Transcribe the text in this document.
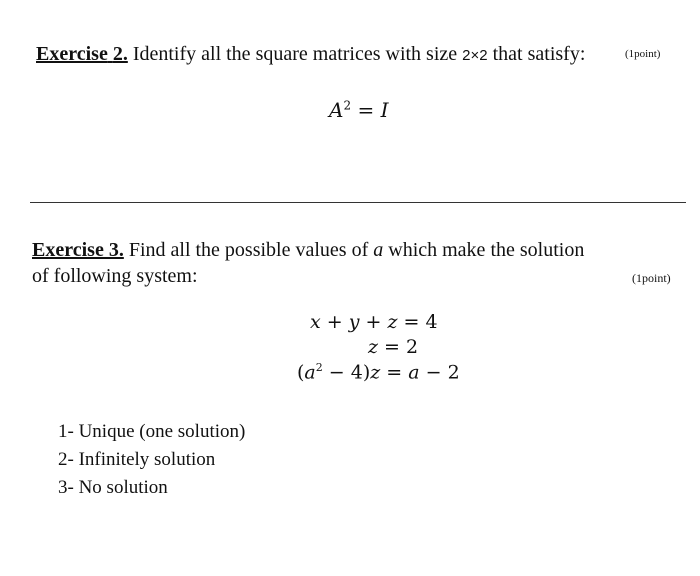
Exercise 2. Identify all the square matrices with size 2×2 that satisfy:	(1point)
$A^2 = I$
Exercise 3. Find all the possible values of a which make the solution
of following system:	(1point)
x + y + z = 4
z = 2
$(a^2 - 4)z = a - 2$
1- Unique (one solution)
2- Infinitely solution
3- No solution
